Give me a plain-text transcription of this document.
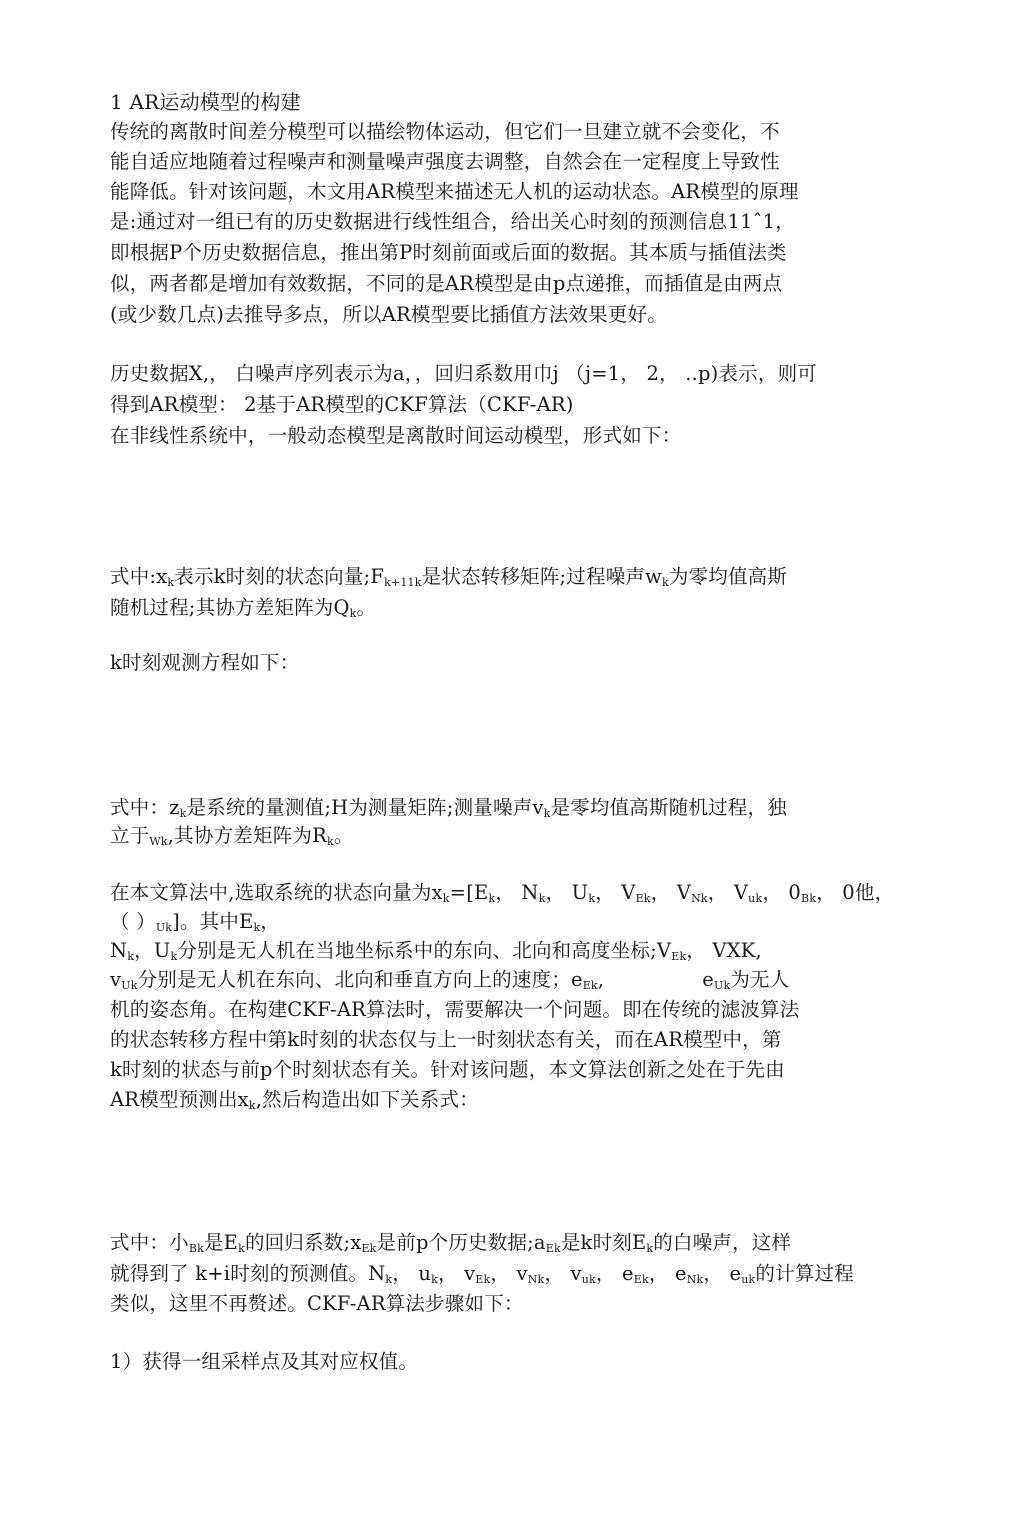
1 AR运动模型的构建
传统的离散时间差分模型可以描绘物体运动，但它们一旦建立就不会变化，不
能自适应地随着过程噪声和测量噪声强度去调整，自然会在一定程度上导致性
能降低。针对该问题，木文用AR模型来描述无人机的运动状态。AR模型的原理
是:通过对一组已有的历史数据进行线性组合，给出关心时刻的预测信息11ˆ1，
即根据P个历史数据信息，推出第P时刻前面或后面的数据。其本质与插值法类
似，两者都是增加有效数据，不同的是AR模型是由p点递推，而插值是由两点
(或少数几点)去推导多点，所以AR模型要比插值方法效果更好。
历史数据X,， 白噪声序列表示为a，，回归系数用巾j （j=1， 2， ..p)表示，则可
得到AR模型： 2基于AR模型的CKF算法（CKF-AR)
在非线性系统中，一般动态模型是离散时间运动模型，形式如下：
式中$:x_k$表示k时刻的状态向量$;F_{k+11k}$是状态转移矩阵;过程噪声$w_k$为零均值高斯
随机过程;其协方差矩阵为$Q_k$。
k时刻观测方程如下：
式中：$z_k$是系统的量测值;H为测量矩阵;测量噪声$v_k$是零均值高斯随机过程，独
立于$_{Wk}$,其协方差矩阵为$R_k$。
在本文算法中,选取系统的状态向量为$x_k=[E_k$， $N_k$， $U_k$， $V_{Ek}$， $V_{Nk}$， $V_{uk}$， $0_{Bk}$， 0他，
（ ）$_{Uk}$]。其中$E_k$，
$N_k$，$U_k$分别是无人机在当地坐标系中的东向、北向和高度坐标$;V_{Ek}$， VXK,
$v_{Uk}$分别是无人机在东向、北向和垂直方向上的速度；$e_{Ek}$,	$e_{Uk}$为无人
机的姿态角。在构建CKF-AR算法时，需要解决一个问题。即在传统的滤波算法
的状态转移方程中第k时刻的状态仅与上一时刻状态有关，而在AR模型中，第
k时刻的状态与前p个时刻状态有关。针对该问题，本文算法创新之处在于先由
AR模型预测出$x_k$,然后构造出如下关系式：
式中：小$_{Bk}$是$E_k$的回归系数$;x_{Ek}$是前p个历史数据$;a_{Ek}$是k时刻$E_k$的白噪声，这样
就得到了 k+i时刻的预测值。$N_k$， $u_k$， $v_{Ek}$， $v_{Nk}$， $v_{uk}$， $e_{Ek}$， $e_{Nk}$， $e_{uk}$的计算过程
类似，这里不再赘述。CKF-AR算法步骤如下：
1）获得一组采样点及其对应权值。
